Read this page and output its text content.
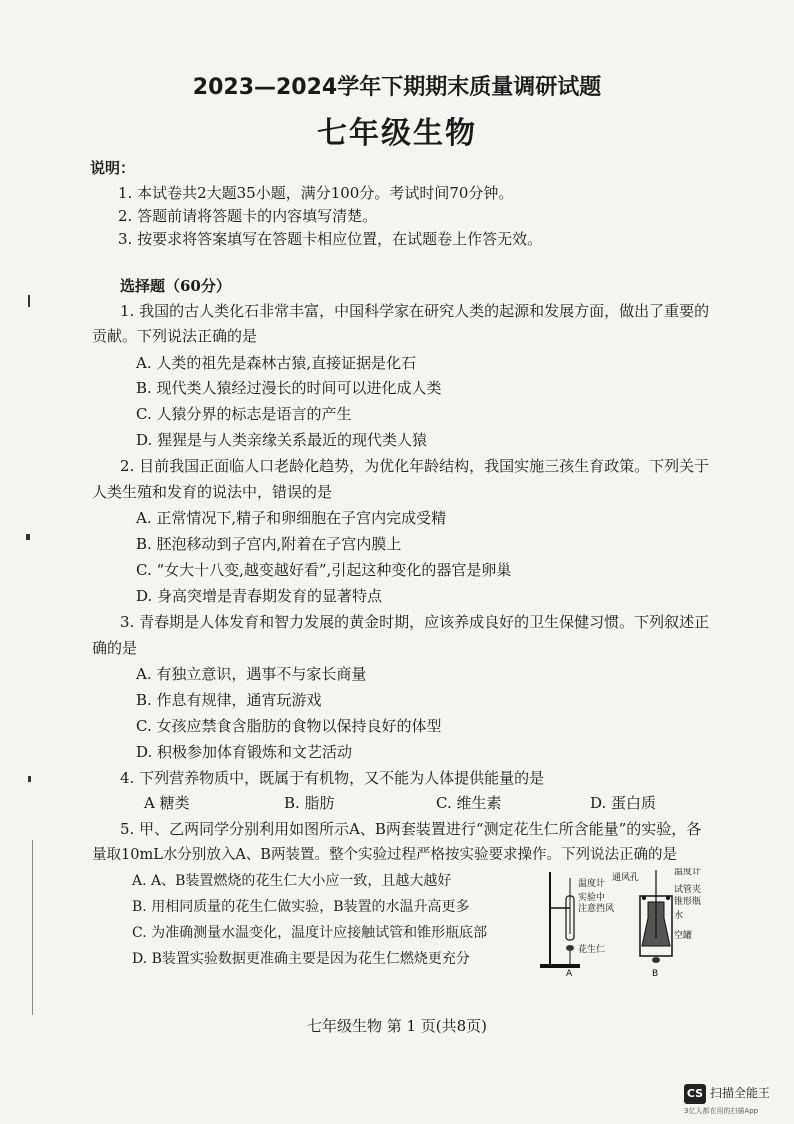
2023—2024学年下期期末质量调研试题
七年级生物
说明：
1. 本试卷共2大题35小题，满分100分。考试时间70分钟。
2. 答题前请将答题卡的内容填写清楚。
3. 按要求将答案填写在答题卡相应位置，在试题卷上作答无效。
选择题（60分）
1. 我国的古人类化石非常丰富，中国科学家在研究人类的起源和发展方面，做出了重要的
贡献。下列说法正确的是
A. 人类的祖先是森林古猿,直接证据是化石
B. 现代类人猿经过漫长的时间可以进化成人类
C. 人猿分界的标志是语言的产生
D. 猩猩是与人类亲缘关系最近的现代类人猿
2. 目前我国正面临人口老龄化趋势，为优化年龄结构，我国实施三孩生育政策。下列关于
人类生殖和发育的说法中，错误的是
A. 正常情况下,精子和卵细胞在子宫内完成受精
B. 胚泡移动到子宫内,附着在子宫内膜上
C. “女大十八变,越变越好看”,引起这种变化的器官是卵巢
D. 身高突增是青春期发育的显著特点
3. 青春期是人体发育和智力发展的黄金时期，应该养成良好的卫生保健习惯。下列叙述正
确的是
A. 有独立意识，遇事不与家长商量
B. 作息有规律，通宵玩游戏
C. 女孩应禁食含脂肪的食物以保持良好的体型
D. 积极参加体育锻炼和文艺活动
4. 下列营养物质中，既属于有机物，又不能为人体提供能量的是
A 糖类	B. 脂肪	C. 维生素	D. 蛋白质
5. 甲、乙两同学分别利用如图所示A、B两套装置进行“测定花生仁所含能量”的实验，各
量取10mL水分别放入A、B两装置。整个实验过程严格按实验要求操作。下列说法正确的是
A. A、B装置燃烧的花生仁大小应一致，且越大越好
B. 用相同质量的花生仁做实验，B装置的水温升高更多
C. 为准确测量水温变化，温度计应接触试管和锥形瓶底部
D. B装置实验数据更准确主要是因为花生仁燃烧更充分
温度计
实验中
注意挡风
花生仁
A
通风孔
温度计
试管夹
锥形瓶
水
空罐
B
七年级生物 第 1 页(共8页)
CS 扫描全能王
3亿人都在用的扫描App
